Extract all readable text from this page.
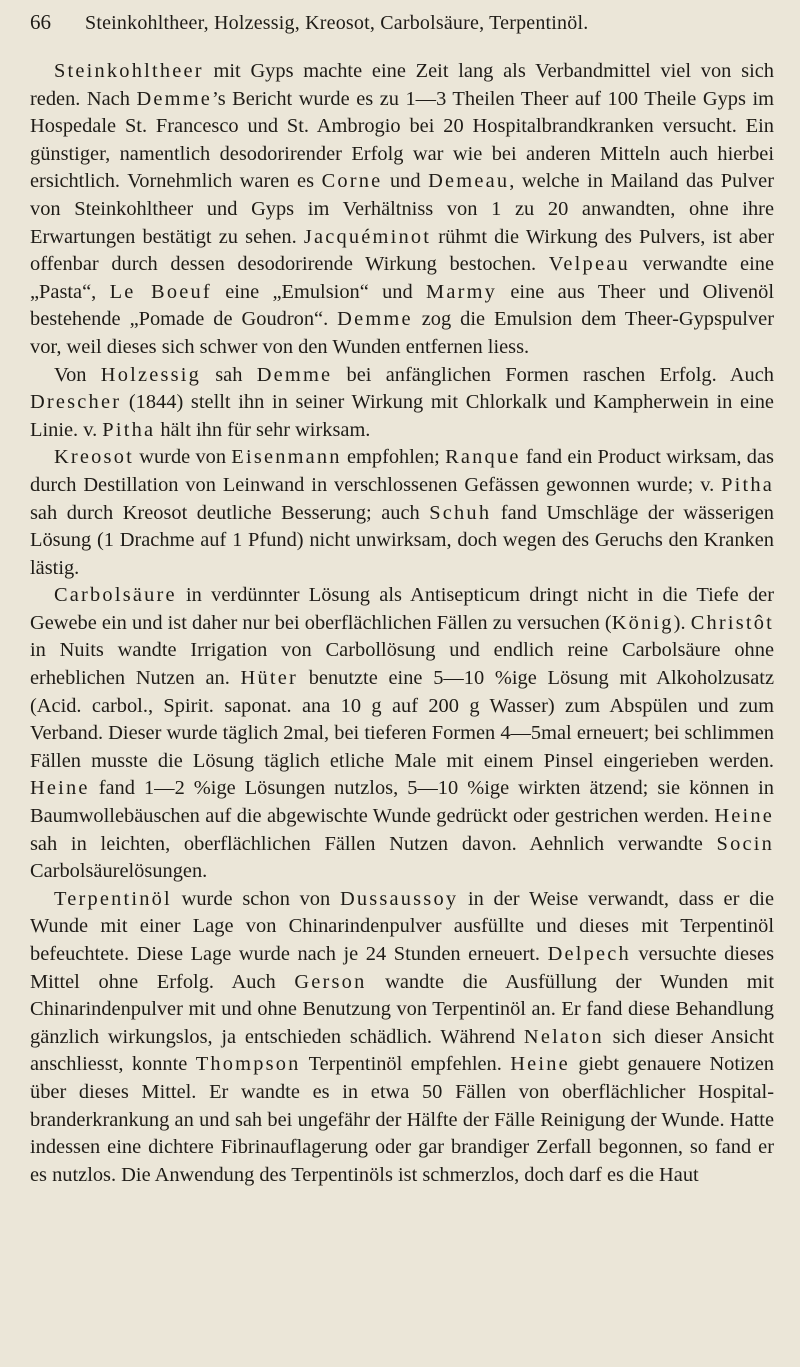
66	Steinkohltheer, Holzessig, Kreosot, Carbolsäure, Terpentinöl.

Steinkohltheer mit Gyps machte eine Zeit lang als Verbandmittel viel von sich reden. Nach Demme’s Bericht wurde es zu 1—3 Theilen Theer auf 100 Theile Gyps im Hospedale St. Francesco und St. Ambrogio bei 20 Hospitalbrandkranken versucht. Ein günstiger, namentlich desodorirender Erfolg war wie bei anderen Mitteln auch hierbei ersichtlich. Vornehmlich waren es Corne und Demeau, welche in Mailand das Pulver von Steinkohltheer und Gyps im Verhältniss von 1 zu 20 anwandten, ohne ihre Erwartungen bestätigt zu sehen. Jacquéminot rühmt die Wirkung des Pulvers, ist aber offenbar durch dessen desodorirende Wirkung bestochen. Velpeau verwandte eine „Pasta“, Le Boeuf eine „Emulsion“ und Marmy eine aus Theer und Olivenöl bestehende „Pomade de Goudron“. Demme zog die Emulsion dem Theer-Gypspulver vor, weil dieses sich schwer von den Wunden entfernen liess.

Von Holzessig sah Demme bei anfänglichen Formen raschen Erfolg. Auch Drescher (1844) stellt ihn in seiner Wirkung mit Chlorkalk und Kampherwein in eine Linie. v. Pitha hält ihn für sehr wirksam.

Kreosot wurde von Eisenmann empfohlen; Ranque fand ein Product wirksam, das durch Destillation von Leinwand in verschlossenen Gefässen gewonnen wurde; v. Pitha sah durch Kreosot deutliche Besserung; auch Schuh fand Umschläge der wässerigen Lösung (1 Drachme auf 1 Pfund) nicht unwirksam, doch wegen des Geruchs den Kranken lästig.

Carbolsäure in verdünnter Lösung als Antisepticum dringt nicht in die Tiefe der Gewebe ein und ist daher nur bei oberflächlichen Fällen zu versuchen (König). Christôt in Nuits wandte Irrigation von Carbollösung und endlich reine Carbolsäure ohne erheblichen Nutzen an. Hüter benutzte eine 5—10 %ige Lösung mit Alkoholzusatz (Acid. carbol., Spirit. saponat. ana 10 g auf 200 g Wasser) zum Abspülen und zum Verband. Dieser wurde täglich 2mal, bei tieferen Formen 4—5mal erneuert; bei schlimmen Fällen musste die Lösung täglich etliche Male mit einem Pinsel eingerieben werden. Heine fand 1—2 %ige Lösungen nutzlos, 5—10 %ige wirkten ätzend; sie können in Baumwollebäuschen auf die abgewischte Wunde gedrückt oder gestrichen werden. Heine sah in leichten, oberflächlichen Fällen Nutzen davon. Aehnlich verwandte Socin Carbolsäurelösungen.

Terpentinöl wurde schon von Dussaussoy in der Weise verwandt, dass er die Wunde mit einer Lage von Chinarindenpulver ausfüllte und dieses mit Terpentinöl befeuchtete. Diese Lage wurde nach je 24 Stunden erneuert. Delpech versuchte dieses Mittel ohne Erfolg. Auch Gerson wandte die Ausfüllung der Wunden mit Chinarindenpulver mit und ohne Benutzung von Terpentinöl an. Er fand diese Behandlung gänzlich wirkungslos, ja entschieden schädlich. Während Nelaton sich dieser Ansicht anschliesst, konnte Thompson Terpentinöl empfehlen. Heine giebt genauere Notizen über dieses Mittel. Er wandte es in etwa 50 Fällen von oberflächlicher Hospitalbranderkrankung an und sah bei ungefähr der Hälfte der Fälle Reinigung der Wunde. Hatte indessen eine dichtere Fibrinauflagerung oder gar brandiger Zerfall begonnen, so fand er es nutzlos. Die Anwendung des Terpentinöls ist schmerzlos, doch darf es die Haut
